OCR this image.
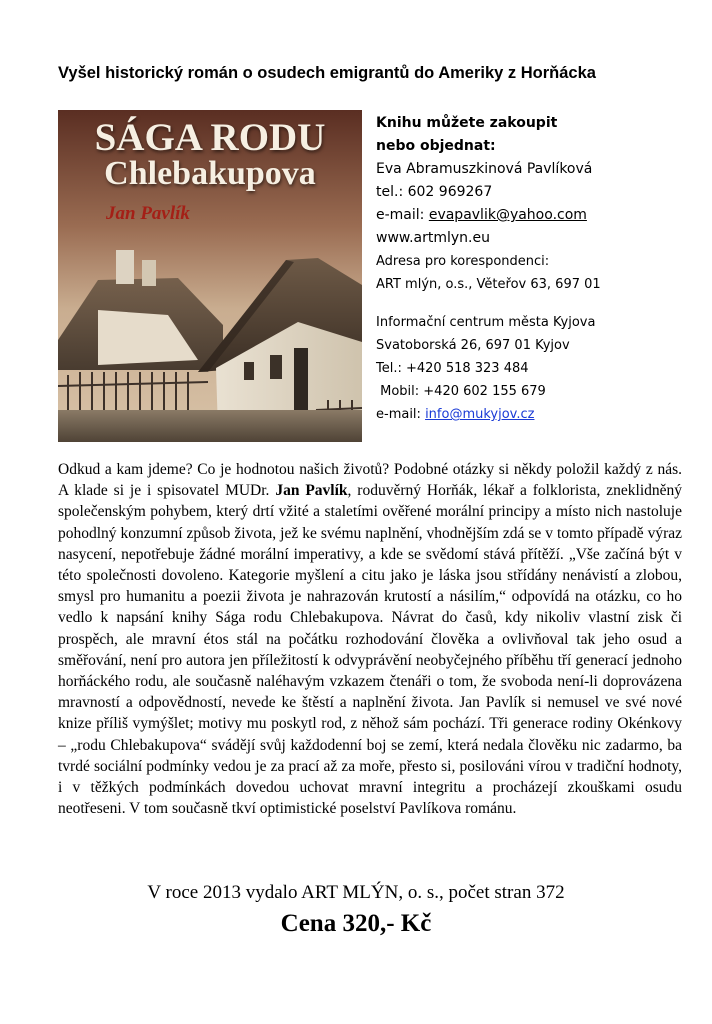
Vyšel historický román o osudech emigrantů do Ameriky z Horňácka
SÁGA RODU
Chlebakupova
Jan Pavlík
Knihu můžete zakoupit
nebo objednat:
Eva Abramuszkinová Pavlíková
tel.: 602 969267
e-mail: evapavlik@yahoo.com
www.artmlyn.eu
Adresa pro korespondenci:
ART mlýn, o.s., Věteřov 63, 697 01
Informační centrum města Kyjova
Svatoborská 26, 697 01 Kyjov
Tel.: +420 518 323 484
Mobil: +420 602 155 679
e-mail: info@mukyjov.cz
Odkud a kam jdeme? Co je hodnotou našich životů? Podobné otázky si někdy položil každý z nás. A klade si je i spisovatel MUDr. Jan Pavlík, roduvěrný Horňák, lékař a folklorista, zneklidněný společenským pohybem, který drtí vžité a staletími ověřené morální principy a místo nich nastoluje pohodlný konzumní způsob života, jež ke svému naplnění, vhodnějším zdá se v tomto případě výraz nasycení, nepotřebuje žádné morální imperativy, a kde se svědomí stává přítěží. „Vše začíná být v této společnosti dovoleno. Kategorie myšlení a citu jako je láska jsou střídány nenávistí a zlobou, smysl pro humanitu a poezii života je nahrazován krutostí a násilím,“ odpovídá na otázku, co ho vedlo k napsání knihy Sága rodu Chlebakupova. Návrat do časů, kdy nikoliv vlastní zisk či prospěch, ale mravní étos stál na počátku rozhodování člověka a ovlivňoval tak jeho osud a směřování, není pro autora jen příležitostí k odvyprávění neobyčejného příběhu tří generací jednoho horňáckého rodu, ale současně naléhavým vzkazem čtenáři o tom, že svoboda není-li doprovázena mravností a odpovědností, nevede ke štěstí a naplnění života. Jan Pavlík si nemusel ve své nové knize příliš vymýšlet; motivy mu poskytl rod, z něhož sám pochází. Tři generace rodiny Okénkovy – „rodu Chlebakupova“ svádějí svůj každodenní boj se zemí, která nedala člověku nic zadarmo, ba tvrdé sociální podmínky vedou je za prací až za moře, přesto si, posilováni vírou v tradiční hodnoty, i v těžkých podmínkách dovedou uchovat mravní integritu a procházejí zkouškami osudu neotřeseni. V tom současně tkví optimistické poselství Pavlíkova románu.
V roce 2013 vydalo ART MLÝN, o. s., počet stran 372
Cena 320,- Kč
